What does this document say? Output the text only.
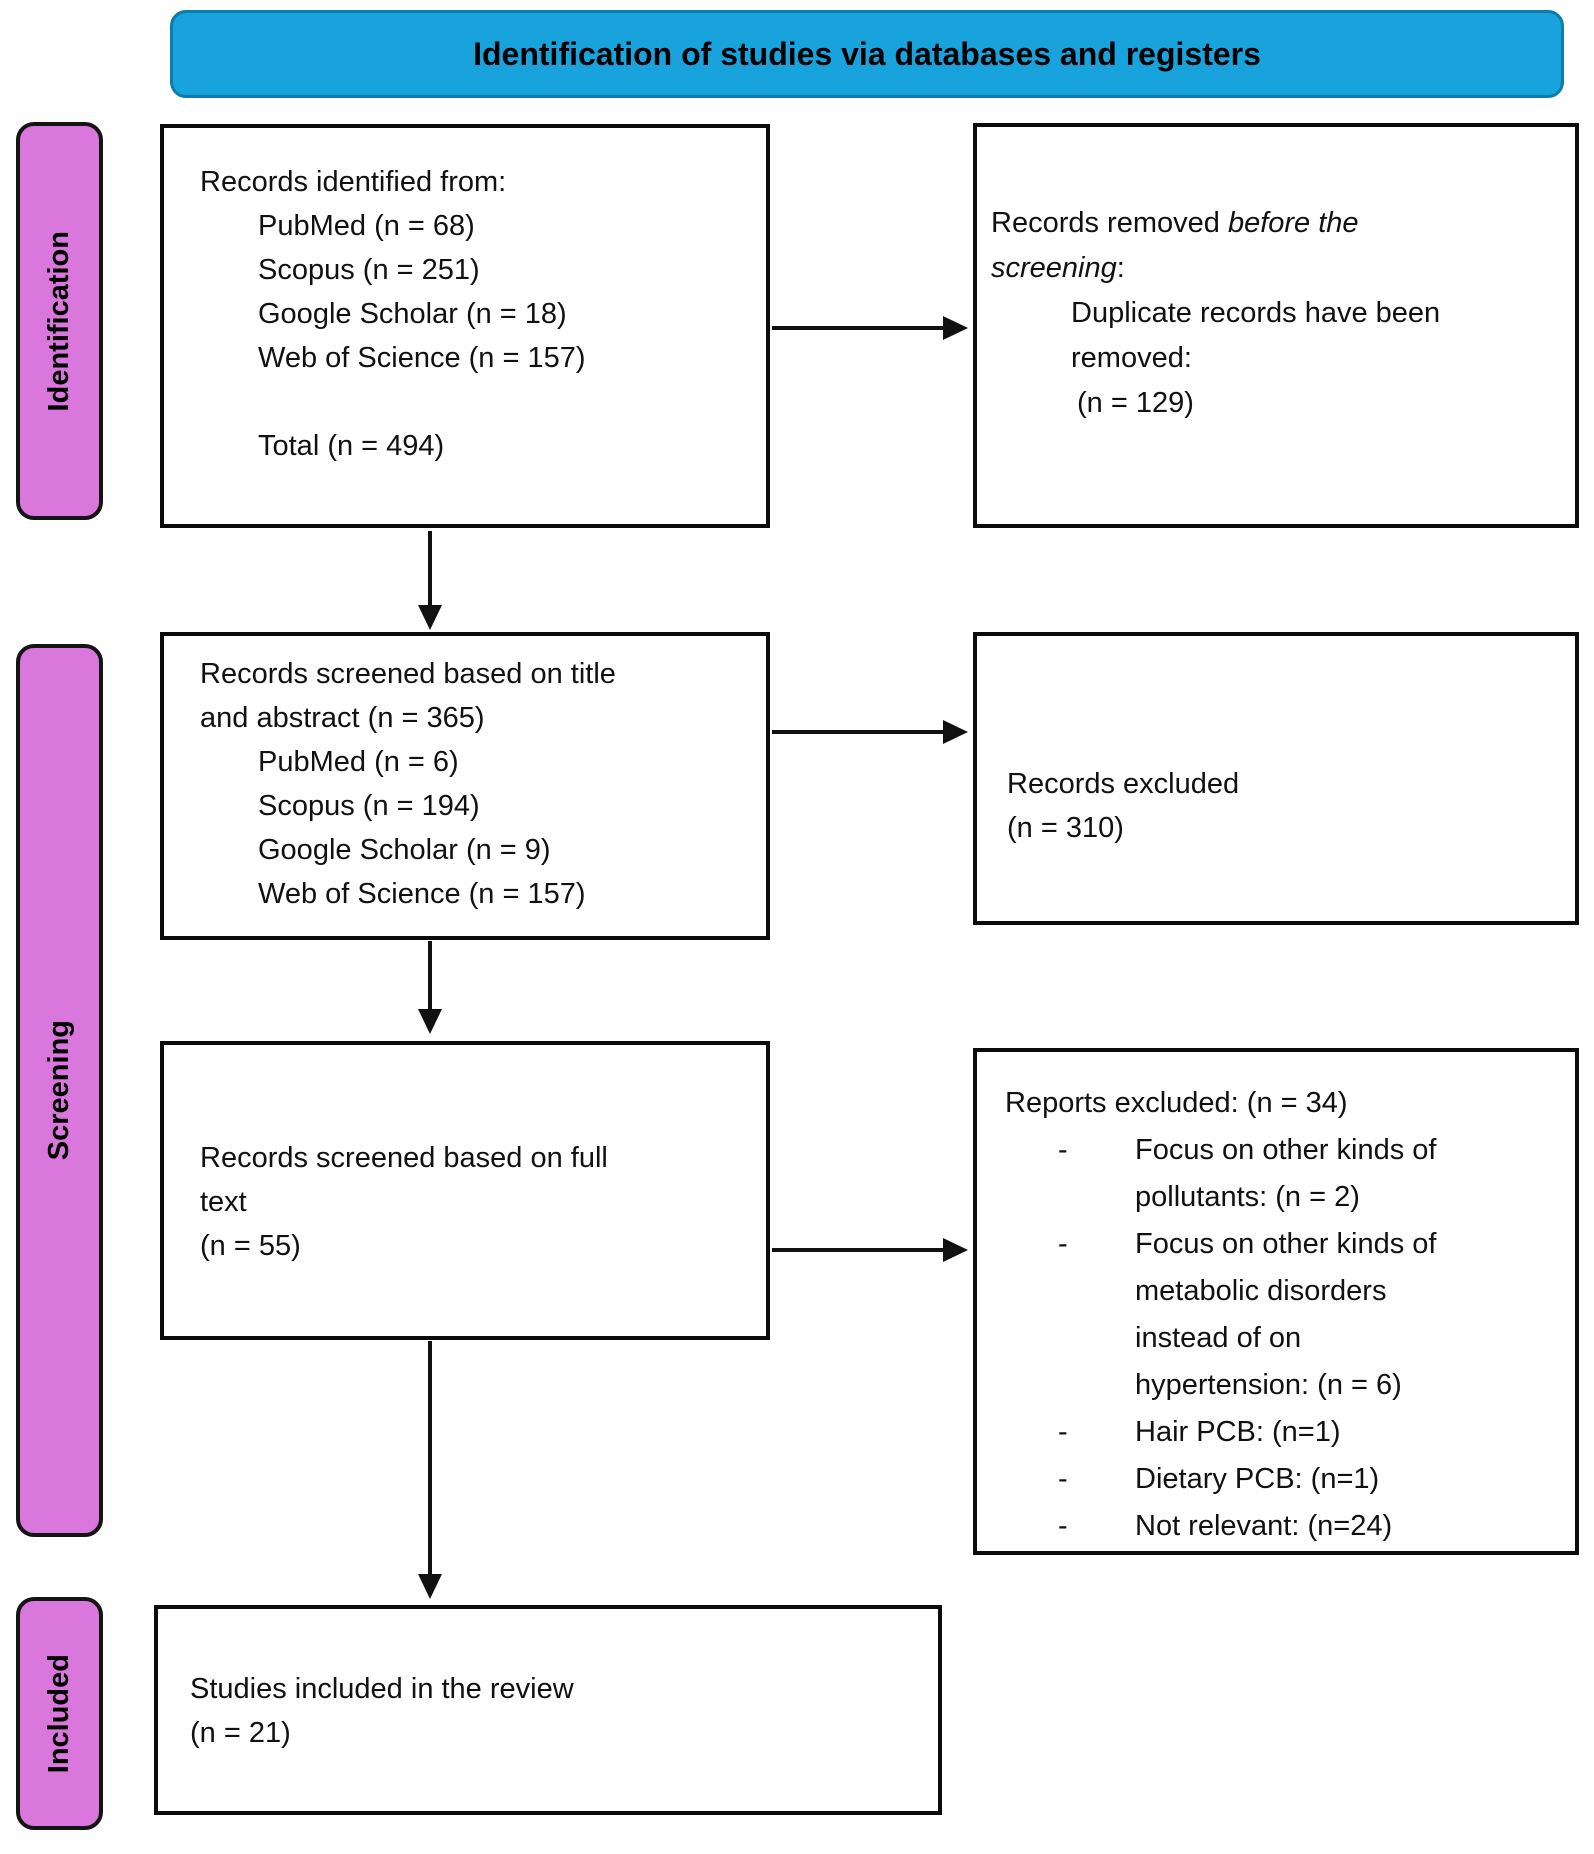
Identification of studies via databases and registers
Identification
Screening
Included
Records identified from:
PubMed (n = 68)
Scopus (n = 251)
Google Scholar (n = 18)
Web of Science (n = 157)
Total (n = 494)
Records removed before the
screening:
Duplicate records have been
removed:
(n = 129)
Records screened based on title
and abstract (n = 365)
PubMed (n = 6)
Scopus (n = 194)
Google Scholar (n = 9)
Web of Science (n = 157)
Records excluded
(n = 310)
Records screened based on full
text
(n = 55)
Reports excluded: (n = 34)
-	Focus on other kinds of
pollutants: (n = 2)
-	Focus on other kinds of
metabolic disorders
instead of on
hypertension: (n = 6)
-	Hair PCB: (n=1)
-	Dietary PCB: (n=1)
-	Not relevant: (n=24)
Studies included in the review
(n = 21)
